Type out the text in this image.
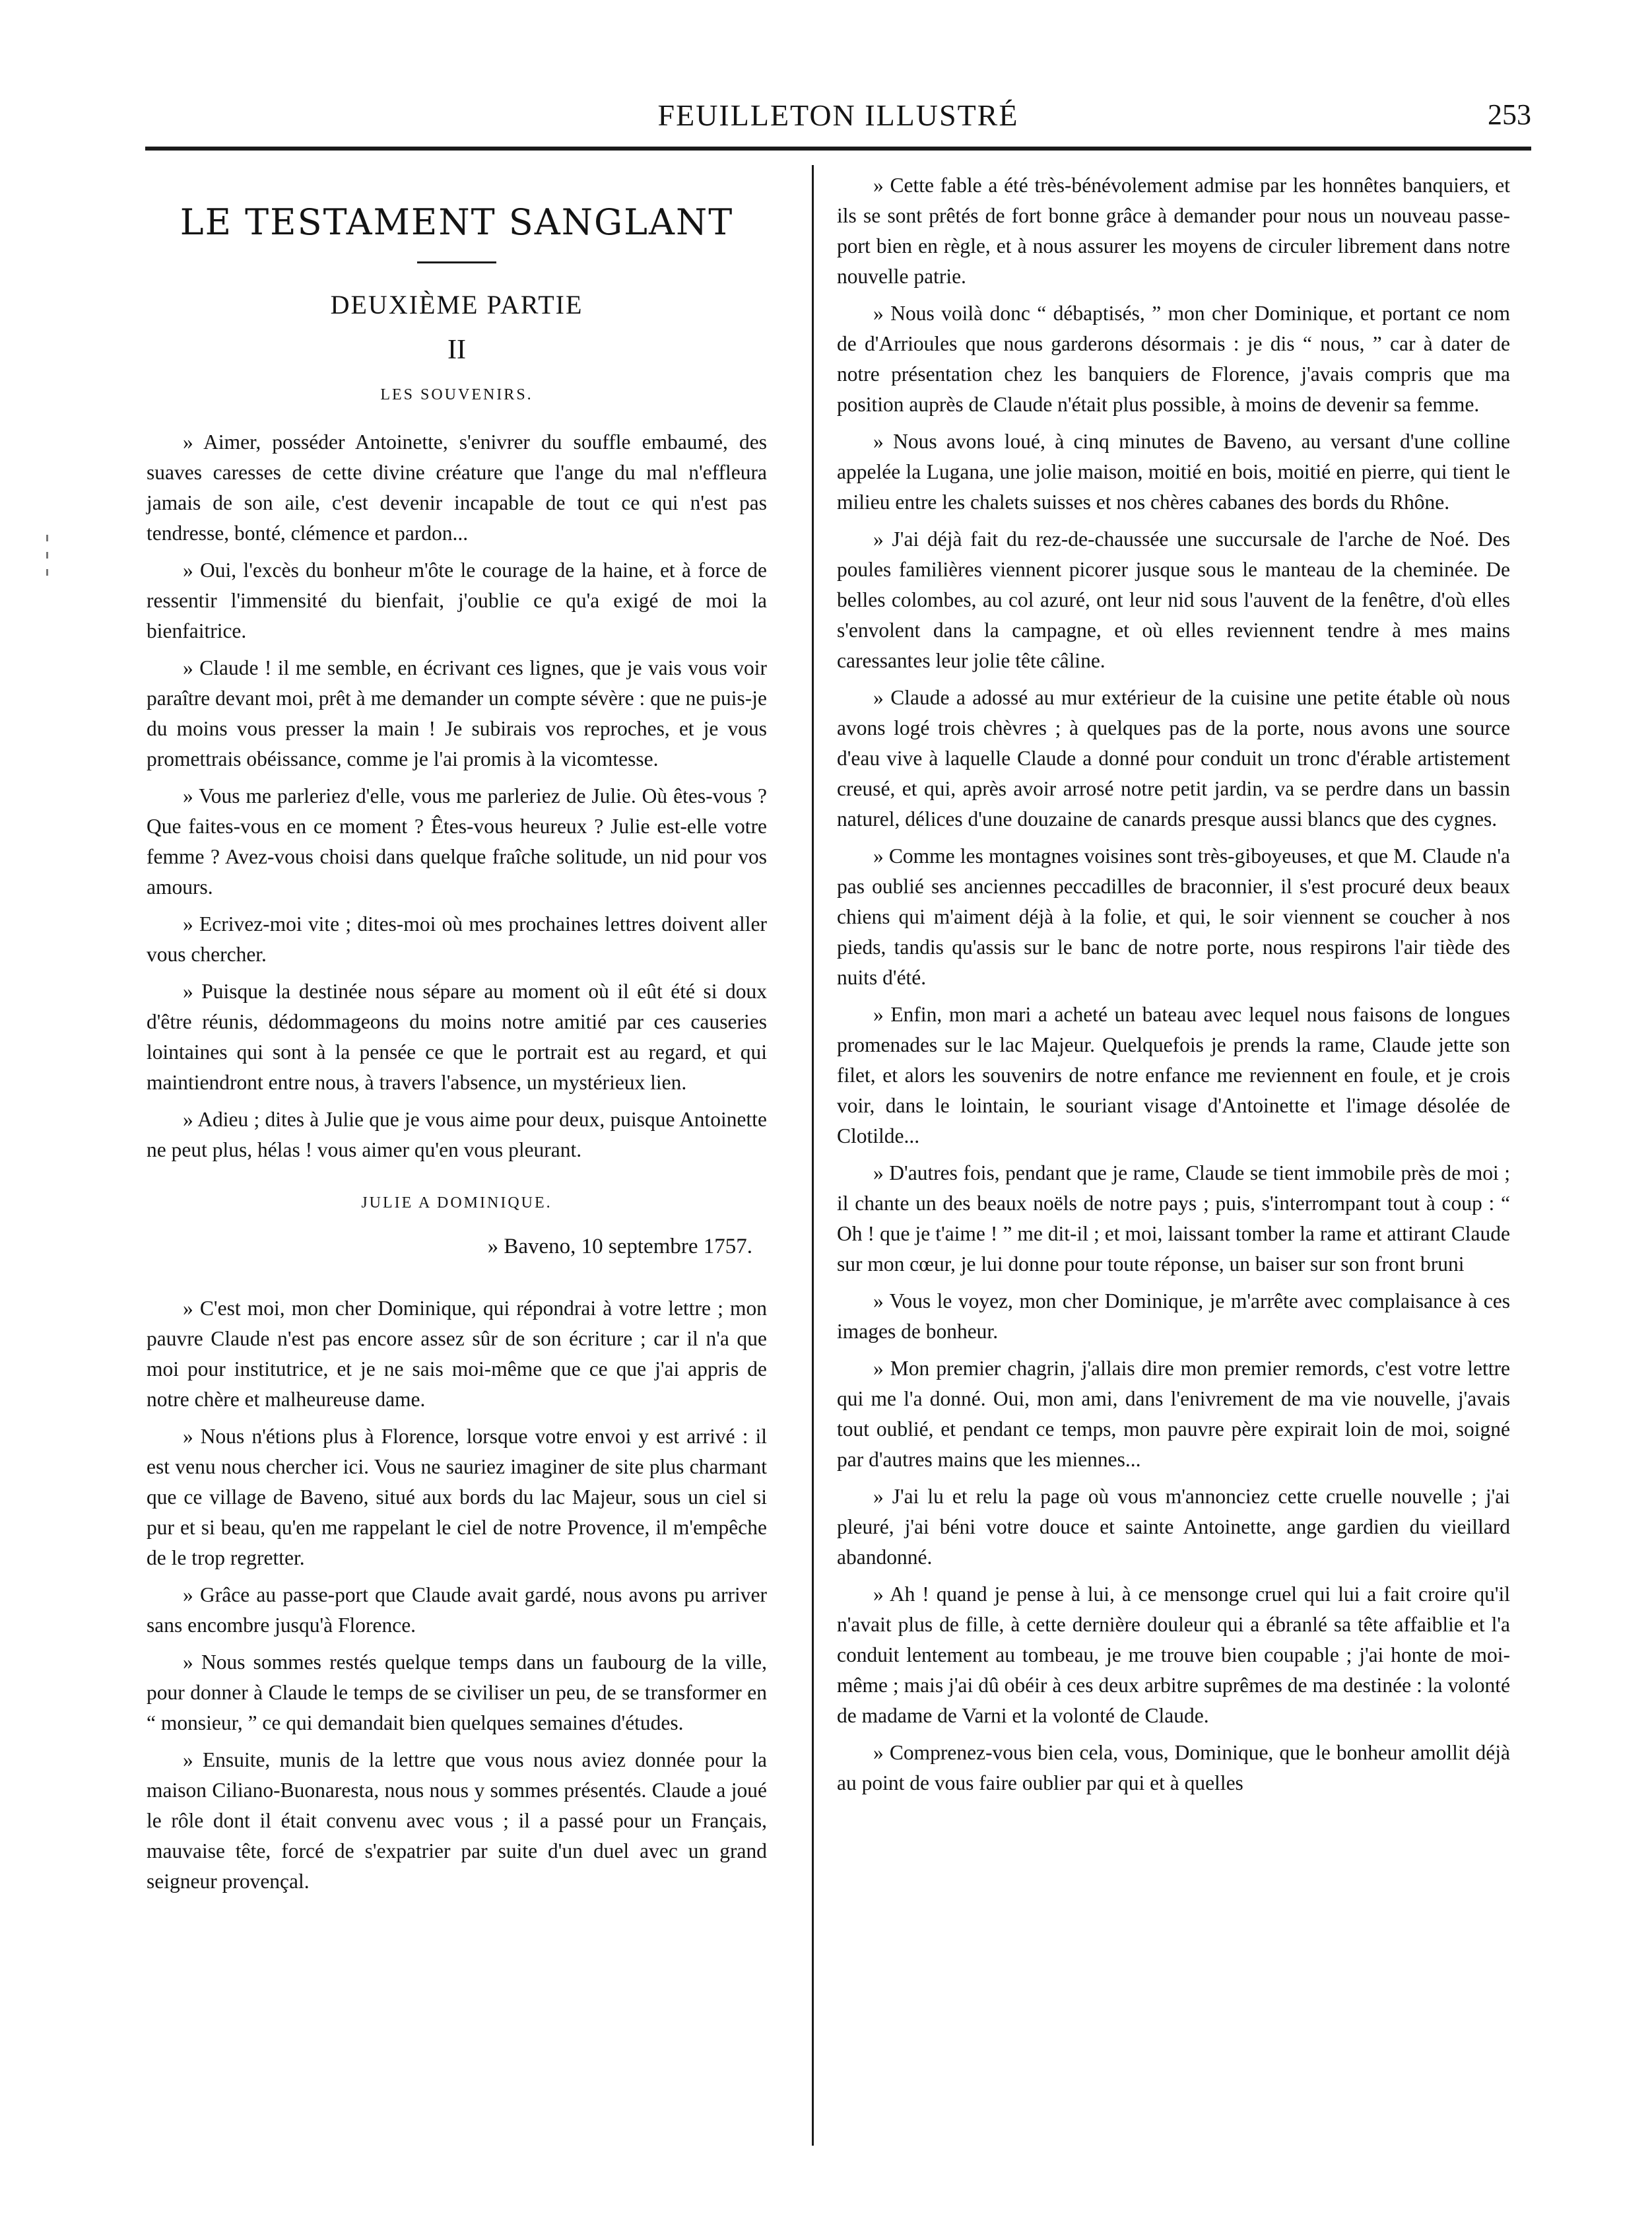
FEUILLETON ILLUSTRÉ	253
LE TESTAMENT SANGLANT
DEUXIÈME PARTIE
II
LES SOUVENIRS.

» Aimer, posséder Antoinette, s'enivrer du souffle embaumé, des suaves caresses de cette divine créature que l'ange du mal n'effleura jamais de son aile, c'est devenir incapable de tout ce qui n'est pas tendresse, bonté, clémence et pardon...

» Oui, l'excès du bonheur m'ôte le courage de la haine, et à force de ressentir l'immensité du bienfait, j'oublie ce qu'a exigé de moi la bienfaitrice.

» Claude ! il me semble, en écrivant ces lignes, que je vais vous voir paraître devant moi, prêt à me demander un compte sévère : que ne puis-je du moins vous presser la main ! Je subirais vos reproches, et je vous promettrais obéissance, comme je l'ai promis à la vicomtesse.

» Vous me parleriez d'elle, vous me parleriez de Julie. Où êtes-vous ? Que faites-vous en ce moment ? Êtes-vous heureux ? Julie est-elle votre femme ? Avez-vous choisi dans quelque fraîche solitude, un nid pour vos amours.

» Ecrivez-moi vite ; dites-moi où mes prochaines lettres doivent aller vous chercher.

» Puisque la destinée nous sépare au moment où il eût été si doux d'être réunis, dédommageons du moins notre amitié par ces causeries lointaines qui sont à la pensée ce que le portrait est au regard, et qui maintiendront entre nous, à travers l'absence, un mystérieux lien.

» Adieu ; dites à Julie que je vous aime pour deux, puisque Antoinette ne peut plus, hélas ! vous aimer qu'en vous pleurant.

JULIE A DOMINIQUE.
» Baveno, 10 septembre 1757.

» C'est moi, mon cher Dominique, qui répondrai à votre lettre ; mon pauvre Claude n'est pas encore assez sûr de son écriture ; car il n'a que moi pour institutrice, et je ne sais moi-même que ce que j'ai appris de notre chère et malheureuse dame.

» Nous n'étions plus à Florence, lorsque votre envoi y est arrivé : il est venu nous chercher ici. Vous ne sauriez imaginer de site plus charmant que ce village de Baveno, situé aux bords du lac Majeur, sous un ciel si pur et si beau, qu'en me rappelant le ciel de notre Provence, il m'empêche de le trop regretter.

» Grâce au passe-port que Claude avait gardé, nous avons pu arriver sans encombre jusqu'à Florence.

» Nous sommes restés quelque temps dans un faubourg de la ville, pour donner à Claude le temps de se civiliser un peu, de se transformer en “ monsieur, ” ce qui demandait bien quelques semaines d'études.

» Ensuite, munis de la lettre que vous nous aviez donnée pour la maison Ciliano-Buonaresta, nous nous y sommes présentés. Claude a joué le rôle dont il était convenu avec vous ; il a passé pour un Français, mauvaise tête, forcé de s'expatrier par suite d'un duel avec un grand seigneur provençal.

» Cette fable a été très-bénévolement admise par les honnêtes banquiers, et ils se sont prêtés de fort bonne grâce à demander pour nous un nouveau passe-port bien en règle, et à nous assurer les moyens de circuler librement dans notre nouvelle patrie.

» Nous voilà donc “ débaptisés, ” mon cher Dominique, et portant ce nom de d'Arrioules que nous garderons désormais : je dis “ nous, ” car à dater de notre présentation chez les banquiers de Florence, j'avais compris que ma position auprès de Claude n'était plus possible, à moins de devenir sa femme.

» Nous avons loué, à cinq minutes de Baveno, au versant d'une colline appelée la Lugana, une jolie maison, moitié en bois, moitié en pierre, qui tient le milieu entre les chalets suisses et nos chères cabanes des bords du Rhône.

» J'ai déjà fait du rez-de-chaussée une succursale de l'arche de Noé. Des poules familières viennent picorer jusque sous le manteau de la cheminée. De belles colombes, au col azuré, ont leur nid sous l'auvent de la fenêtre, d'où elles s'envolent dans la campagne, et où elles reviennent tendre à mes mains caressantes leur jolie tête câline.

» Claude a adossé au mur extérieur de la cuisine une petite étable où nous avons logé trois chèvres ; à quelques pas de la porte, nous avons une source d'eau vive à laquelle Claude a donné pour conduit un tronc d'érable artistement creusé, et qui, après avoir arrosé notre petit jardin, va se perdre dans un bassin naturel, délices d'une douzaine de canards presque aussi blancs que des cygnes.

» Comme les montagnes voisines sont très-giboyeuses, et que M. Claude n'a pas oublié ses anciennes peccadilles de braconnier, il s'est procuré deux beaux chiens qui m'aiment déjà à la folie, et qui, le soir viennent se coucher à nos pieds, tandis qu'assis sur le banc de notre porte, nous respirons l'air tiède des nuits d'été.

» Enfin, mon mari a acheté un bateau avec lequel nous faisons de longues promenades sur le lac Majeur. Quelquefois je prends la rame, Claude jette son filet, et alors les souvenirs de notre enfance me reviennent en foule, et je crois voir, dans le lointain, le souriant visage d'Antoinette et l'image désolée de Clotilde...

» D'autres fois, pendant que je rame, Claude se tient immobile près de moi ; il chante un des beaux noëls de notre pays ; puis, s'interrompant tout à coup : “ Oh ! que je t'aime ! ” me dit-il ; et moi, laissant tomber la rame et attirant Claude sur mon cœur, je lui donne pour toute réponse, un baiser sur son front bruni

» Vous le voyez, mon cher Dominique, je m'arrête avec complaisance à ces images de bonheur.

» Mon premier chagrin, j'allais dire mon premier remords, c'est votre lettre qui me l'a donné. Oui, mon ami, dans l'enivrement de ma vie nouvelle, j'avais tout oublié, et pendant ce temps, mon pauvre père expirait loin de moi, soigné par d'autres mains que les miennes...

» J'ai lu et relu la page où vous m'annonciez cette cruelle nouvelle ; j'ai pleuré, j'ai béni votre douce et sainte Antoinette, ange gardien du vieillard abandonné.

» Ah ! quand je pense à lui, à ce mensonge cruel qui lui a fait croire qu'il n'avait plus de fille, à cette dernière douleur qui a ébranlé sa tête affaiblie et l'a conduit lentement au tombeau, je me trouve bien coupable ; j'ai honte de moi-même ; mais j'ai dû obéir à ces deux arbitre suprêmes de ma destinée : la volonté de madame de Varni et la volonté de Claude.

» Comprenez-vous bien cela, vous, Dominique, que le bonheur amollit déjà au point de vous faire oublier par qui et à quelles
